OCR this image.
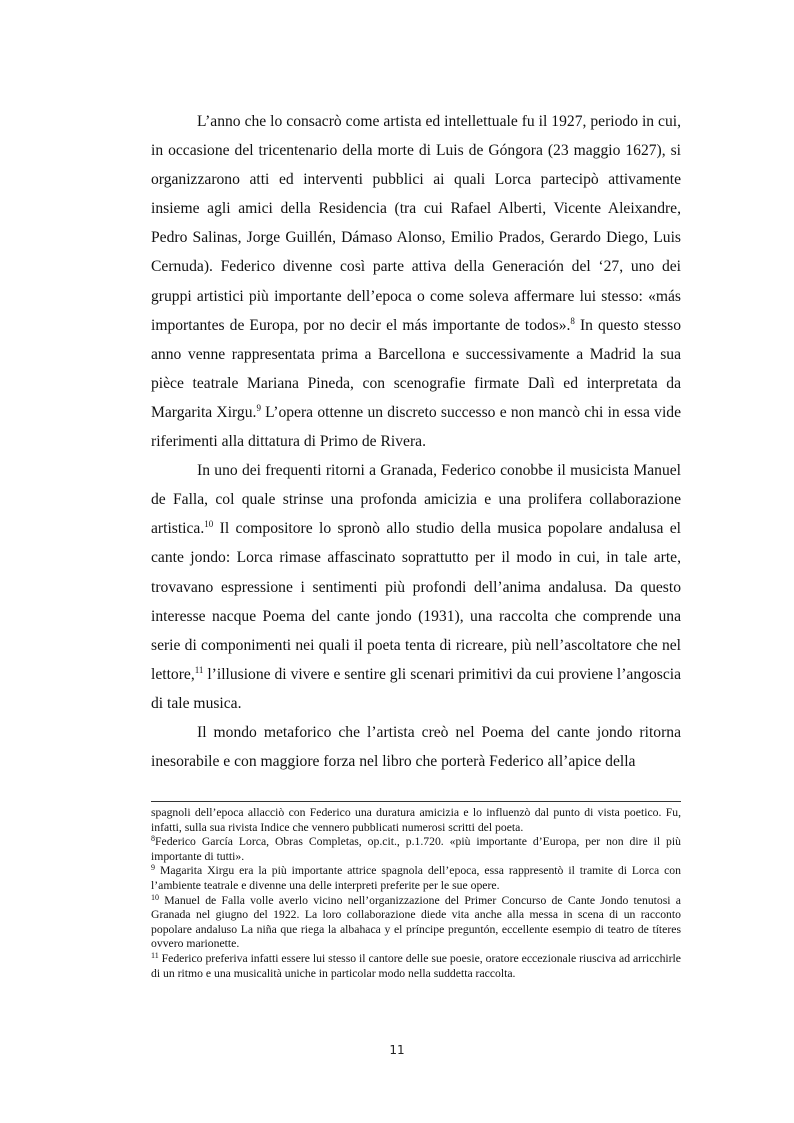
L’anno che lo consacrò come artista ed intellettuale fu il 1927, periodo in cui, in occasione del tricentenario della morte di Luis de Góngora (23 maggio 1627), si organizzarono atti ed interventi pubblici ai quali Lorca partecipò attivamente insieme agli amici della Residencia (tra cui Rafael Alberti, Vicente Aleixandre, Pedro Salinas, Jorge Guillén, Dámaso Alonso, Emilio Prados, Gerardo Diego, Luis Cernuda). Federico divenne così parte attiva della Generación del ‘27, uno dei gruppi artistici più importante dell’epoca o come soleva affermare lui stesso: «más importantes de Europa, por no decir el más importante de todos».$^8$ In questo stesso anno venne rappresentata prima a Barcellona e successivamente a Madrid la sua pièce teatrale Mariana Pineda, con scenografie firmate Dalì ed interpretata da Margarita Xirgu.$^9$ L’opera ottenne un discreto successo e non mancò chi in essa vide riferimenti alla dittatura di Primo de Rivera.

In uno dei frequenti ritorni a Granada, Federico conobbe il musicista Manuel de Falla, col quale strinse una profonda amicizia e una prolifera collaborazione artistica.$^{10}$ Il compositore lo spronò allo studio della musica popolare andalusa el cante jondo: Lorca rimase affascinato soprattutto per il modo in cui, in tale arte, trovavano espressione i sentimenti più profondi dell’anima andalusa. Da questo interesse nacque Poema del cante jondo (1931), una raccolta che comprende una serie di componimenti nei quali il poeta tenta di ricreare, più nell’ascoltatore che nel lettore,$^{11}$ l’illusione di vivere e sentire gli scenari primitivi da cui proviene l’angoscia di tale musica.

Il mondo metaforico che l’artista creò nel Poema del cante jondo ritorna inesorabile e con maggiore forza nel libro che porterà Federico all’apice della

spagnoli dell’epoca allacciò con Federico una duratura amicizia e lo influenzò dal punto di vista poetico. Fu, infatti, sulla sua rivista Indice che vennero pubblicati numerosi scritti del poeta.

$^8$Federico García Lorca, Obras Completas, op.cit., p.1.720. «più importante d’Europa, per non dire il più importante di tutti».

$^9$ Magarita Xirgu era la più importante attrice spagnola dell’epoca, essa rappresentò il tramite di Lorca con l’ambiente teatrale e divenne una delle interpreti preferite per le sue opere.

$^{10}$ Manuel de Falla volle averlo vicino nell’organizzazione del Primer Concurso de Cante Jondo tenutosi a Granada nel giugno del 1922. La loro collaborazione diede vita anche alla messa in scena di un racconto popolare andaluso La niña que riega la albahaca y el príncipe preguntón, eccellente esempio di teatro de títeres ovvero marionette.

$^{11}$ Federico preferiva infatti essere lui stesso il cantore delle sue poesie, oratore eccezionale riusciva ad arricchirle di un ritmo e una musicalità uniche in particolar modo nella suddetta raccolta.

11
